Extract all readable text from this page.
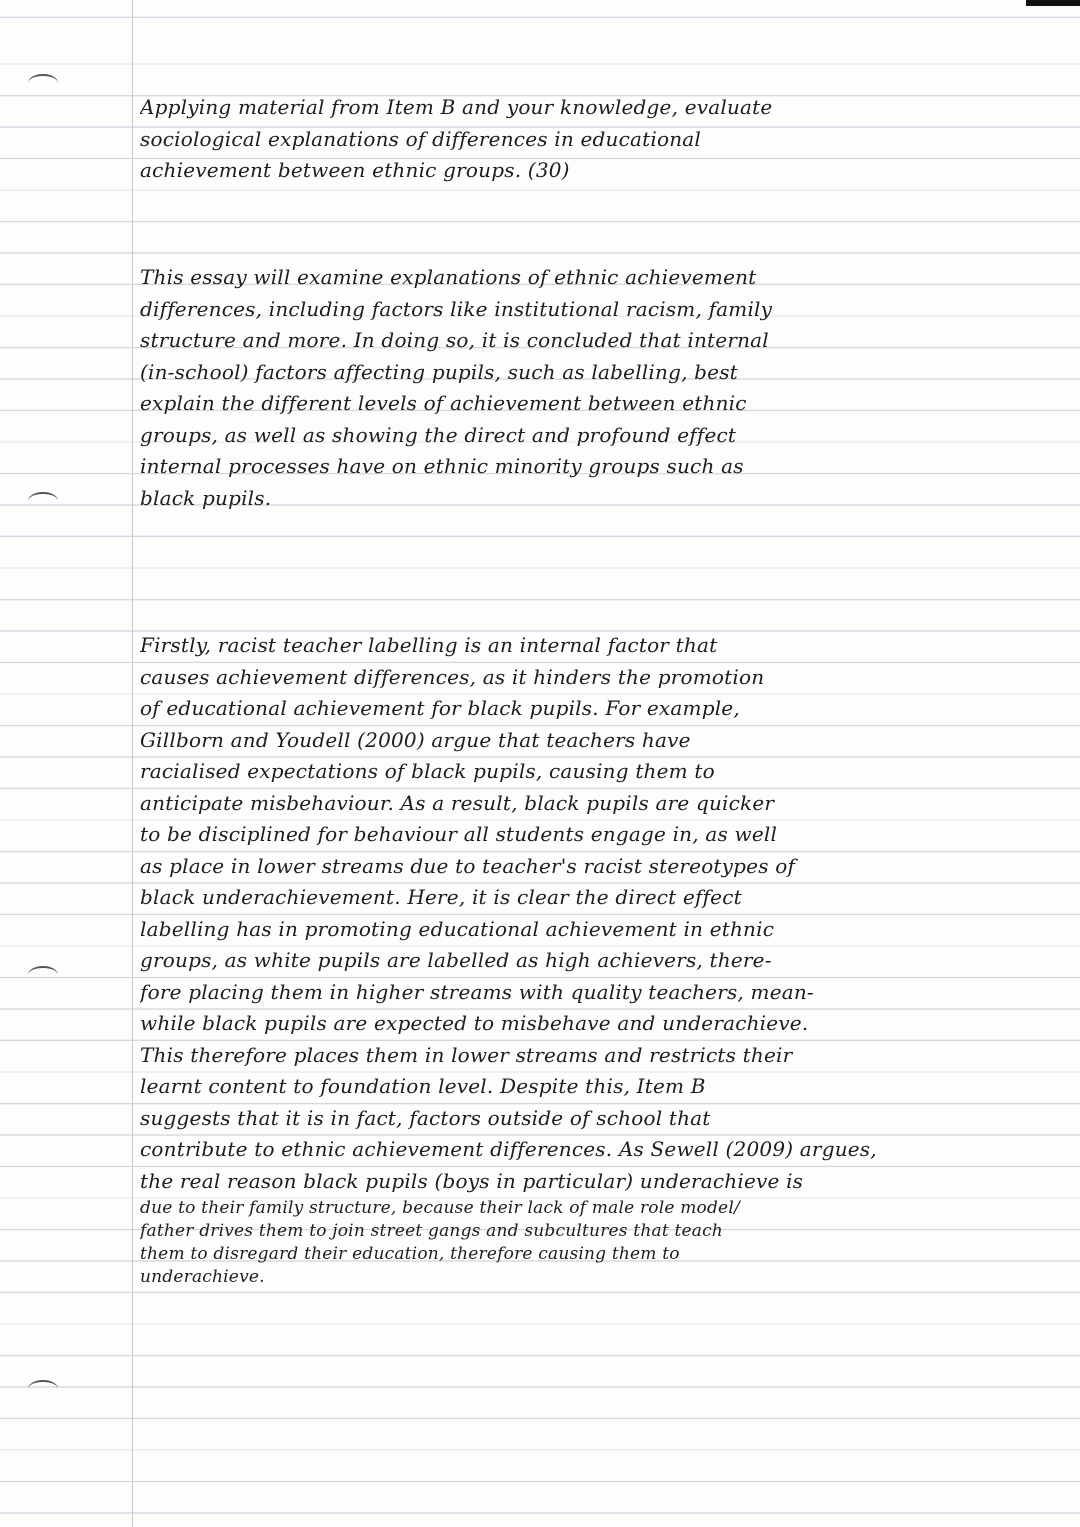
Applying material from Item B and your knowledge, evaluate
sociological explanations of differences in educational
achievement between ethnic groups. (30)
This essay will examine explanations of ethnic achievement
differences, including factors like institutional racism, family
structure and more. In doing so, it is concluded that internal
(in-school) factors affecting pupils, such as labelling, best
explain the different levels of achievement between ethnic
groups, as well as showing the direct and profound effect
internal processes have on ethnic minority groups such as
black pupils.
Firstly, racist teacher labelling is an internal factor that
causes achievement differences, as it hinders the promotion
of educational achievement for black pupils. For example,
Gillborn and Youdell (2000) argue that teachers have
racialised expectations of black pupils, causing them to
anticipate misbehaviour. As a result, black pupils are quicker
to be disciplined for behaviour all students engage in, as well
as place in lower streams due to teacher's racist stereotypes of
black underachievement. Here, it is clear the direct effect
labelling has in promoting educational achievement in ethnic
groups, as white pupils are labelled as high achievers, there-
fore placing them in higher streams with quality teachers, mean-
while black pupils are expected to misbehave and underachieve.
This therefore places them in lower streams and restricts their
learnt content to foundation level. Despite this, Item B
suggests that it is in fact, factors outside of school that
contribute to ethnic achievement differences. As Sewell (2009) argues,
the real reason black pupils (boys in particular) underachieve is
due to their family structure, because their lack of male role model/
father drives them to join street gangs and subcultures that teach
them to disregard their education, therefore causing them to
underachieve.
